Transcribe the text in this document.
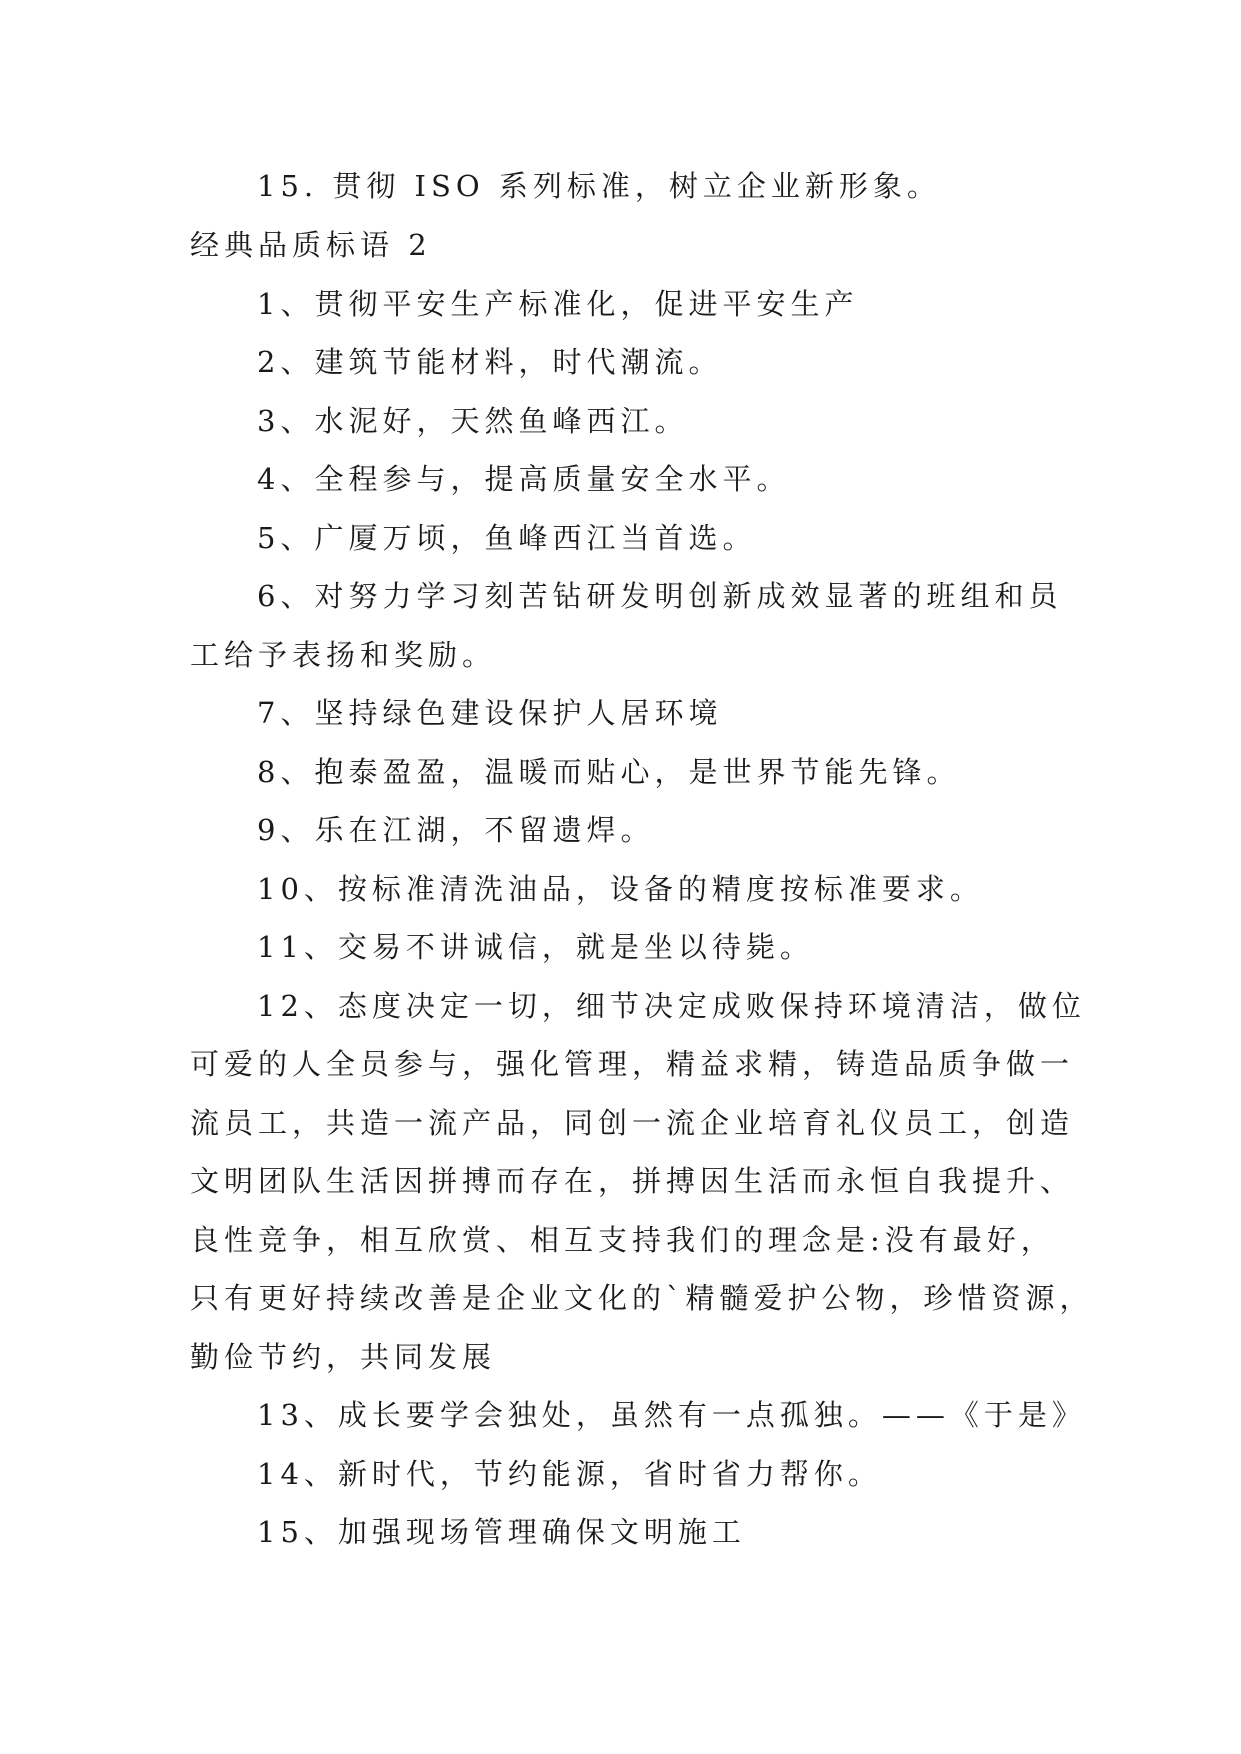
15. 贯彻 ISO 系列标准，树立企业新形象。

经典品质标语 2

1、贯彻平安生产标准化，促进平安生产

2、建筑节能材料，时代潮流。

3、水泥好，天然鱼峰西江。

4、全程参与，提高质量安全水平。

5、广厦万顷，鱼峰西江当首选。

6、对努力学习刻苦钻研发明创新成效显著的班组和员

工给予表扬和奖励。

7、坚持绿色建设保护人居环境

8、抱泰盈盈，温暖而贴心，是世界节能先锋。

9、乐在江湖，不留遗焊。

10、按标准清洗油品，设备的精度按标准要求。

11、交易不讲诚信，就是坐以待毙。

12、态度决定一切，细节决定成败保持环境清洁，做位

可爱的人全员参与，强化管理，精益求精，铸造品质争做一

流员工，共造一流产品，同创一流企业培育礼仪员工，创造

文明团队生活因拼搏而存在，拼搏因生活而永恒自我提升、

良性竞争，相互欣赏、相互支持我们的理念是:没有最好，

只有更好持续改善是企业文化的`精髓爱护公物，珍惜资源，

勤俭节约，共同发展

13、成长要学会独处，虽然有一点孤独。——《于是》

14、新时代，节约能源，省时省力帮你。

15、加强现场管理确保文明施工
